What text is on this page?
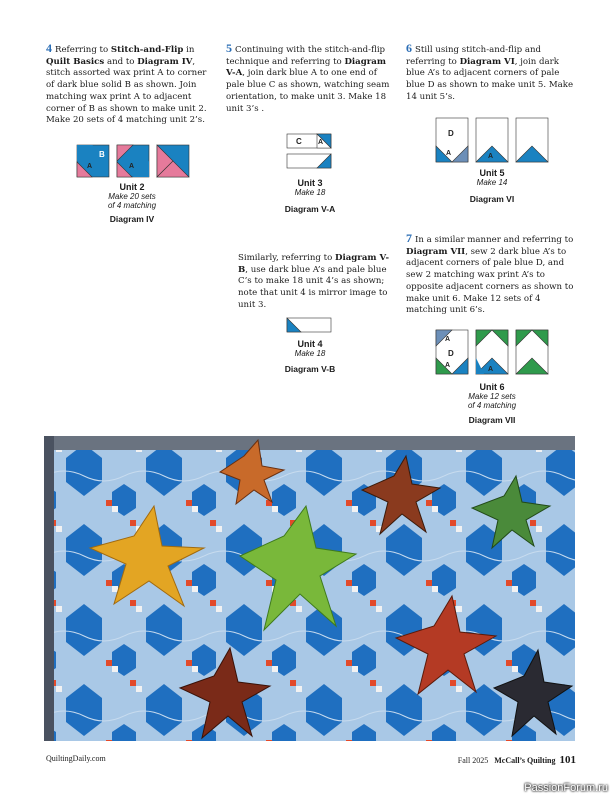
4 Referring to Stitch-and-Flip in Quilt Basics and to Diagram IV, stitch assorted wax print A to corner of dark blue solid B as shown. Join matching wax print A to adjacent corner of B as shown to make unit 2. Make 20 sets of 4 matching unit 2’s.
B
A	A
Unit 2
Make 20 sets
of 4 matching
Diagram IV
5 Continuing with the stitch-and-flip technique and referring to Diagram V-A, join dark blue A to one end of pale blue C as shown, watching seam orientation, to make unit 3. Make 18 unit 3’s .
C A
Unit 3
Make 18
Diagram V-A
Similarly, referring to Diagram V-B, use dark blue A’s and pale blue C’s to make 18 unit 4’s as shown; note that unit 4 is mirror image to unit 3.
Unit 4
Make 18
Diagram V-B
6 Still using stitch-and-flip and referring to Diagram VI, join dark blue A’s to adjacent corners of pale blue D as shown to make unit 5. Make 14 unit 5’s.
D
A	A
Unit 5
Make 14
Diagram VI
7 In a similar manner and referring to Diagram VII, sew 2 dark blue A’s to adjacent corners of pale blue D, and sew 2 matching wax print A’s to opposite adjacent corners as shown to make unit 6. Make 12 sets of 4 matching unit 6’s.
A
D
A
A
Unit 6
Make 12 sets
of 4 matching
Diagram VII
QuiltingDaily.com	Fall 2025 McCall’s Quilting 101
PassionForum.ru
